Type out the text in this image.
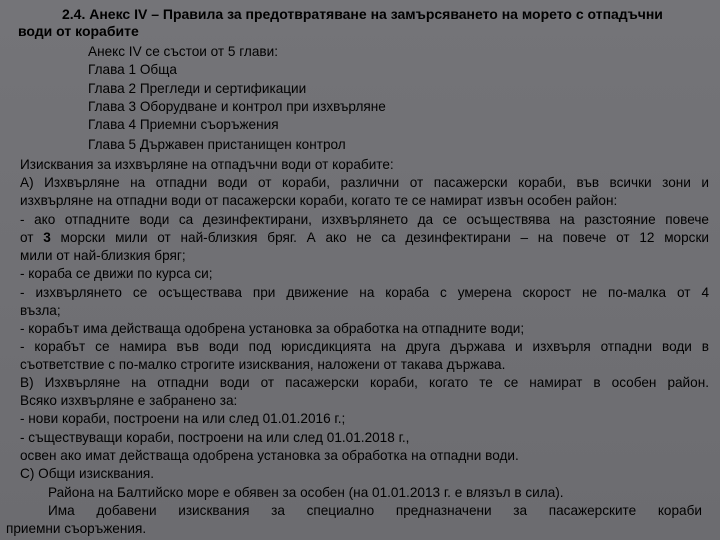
2.4. Анекс IV – Правила за предотвратяване на замърсяването на морето с отпадъчни
води от корабите
Анекс IV се състои от 5 глави:
Глава 1 Обща
Глава 2 Прегледи и сертификации
Глава 3 Оборудване и контрол при изхвърляне
Глава 4 Приемни съоръжения
Глава 5 Държавен пристанищен контрол
Изисквания за изхвърляне на отпадъчни води от корабите:
А) Изхвърляне на отпадни води от кораби, различни от пасажерски кораби, във всички зони и
изхвърляне на отпадни води от пасажерски кораби, когато те се намират извън особен район:
- ако отпадните води са дезинфектирани, изхвърлянето да се осъществява на разстояние повече
от 3 морски мили от най-близкия бряг. А ако не са дезинфектирани – на повече от 12 морски
мили от най-близкия бряг;
- кораба се движи по курса си;
- изхвърлянето се осъществава при движение на кораба с умерена скорост не по-малка от 4
възла;
- корабът има действаща одобрена установка за обработка на отпадните води;
- корабът се намира във води под юрисдикцията на друга държава и изхвърля отпадни води в
съответствие с по-малко строгите изисквания, наложени от такава държава.
В) Изхвърляне на отпадни води от пасажерски кораби, когато те се намират в особен район.
Всяко изхвърляне е забранено за:
- нови кораби, построени на или след 01.01.2016 г.;
- съществуващи кораби, построени на или след 01.01.2018 г.,
освен ако имат действаща одобрена установка за обработка на отпадни води.
С) Общи изисквания.
Района на Балтийско море е обявен за особен (на 01.01.2013 г. е влязъл в сила).
Има добавени изисквания за специално предназначени за пасажерските кораби
приемни съоръжения.
